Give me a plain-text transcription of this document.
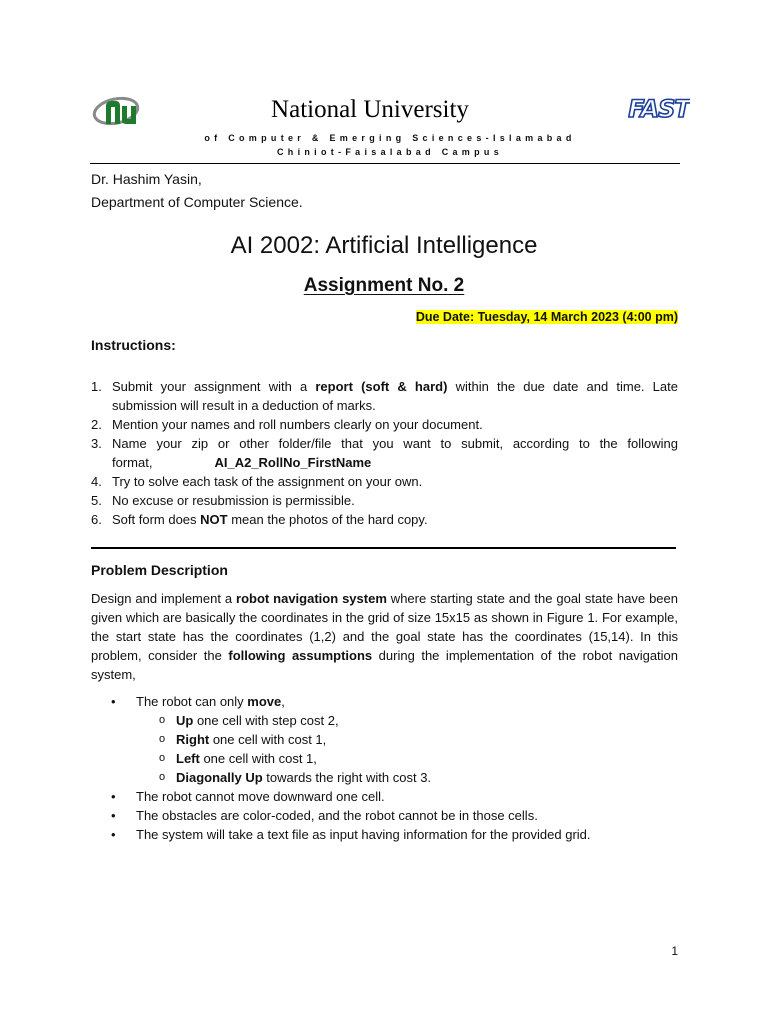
nu
National University	FAST
of Computer & Emerging Sciences-Islamabad
Chiniot-Faisalabad Campus
Dr. Hashim Yasin,
Department of Computer Science.
AI 2002: Artificial Intelligence
Assignment No. 2
Due Date: Tuesday, 14 March 2023 (4:00 pm)
Instructions:
1. Submit your assignment with a report (soft & hard) within the due date and time. Late submission will result in a deduction of marks.
2. Mention your names and roll numbers clearly on your document.
3. Name your zip or other folder/file that you want to submit, according to the following format,	AI_A2_RollNo_FirstName
4. Try to solve each task of the assignment on your own.
5. No excuse or resubmission is permissible.
6. Soft form does NOT mean the photos of the hard copy.
Problem Description
Design and implement a robot navigation system where starting state and the goal state have been given which are basically the coordinates in the grid of size 15x15 as shown in Figure 1. For example, the start state has the coordinates (1,2) and the goal state has the coordinates (15,14). In this problem, consider the following assumptions during the implementation of the robot navigation system,
•	The robot can only move,
o Up one cell with step cost 2,
o Right one cell with cost 1,
o Left one cell with cost 1,
o Diagonally Up towards the right with cost 3.
•	The robot cannot move downward one cell.
•	The obstacles are color-coded, and the robot cannot be in those cells.
•	The system will take a text file as input having information for the provided grid.
1
